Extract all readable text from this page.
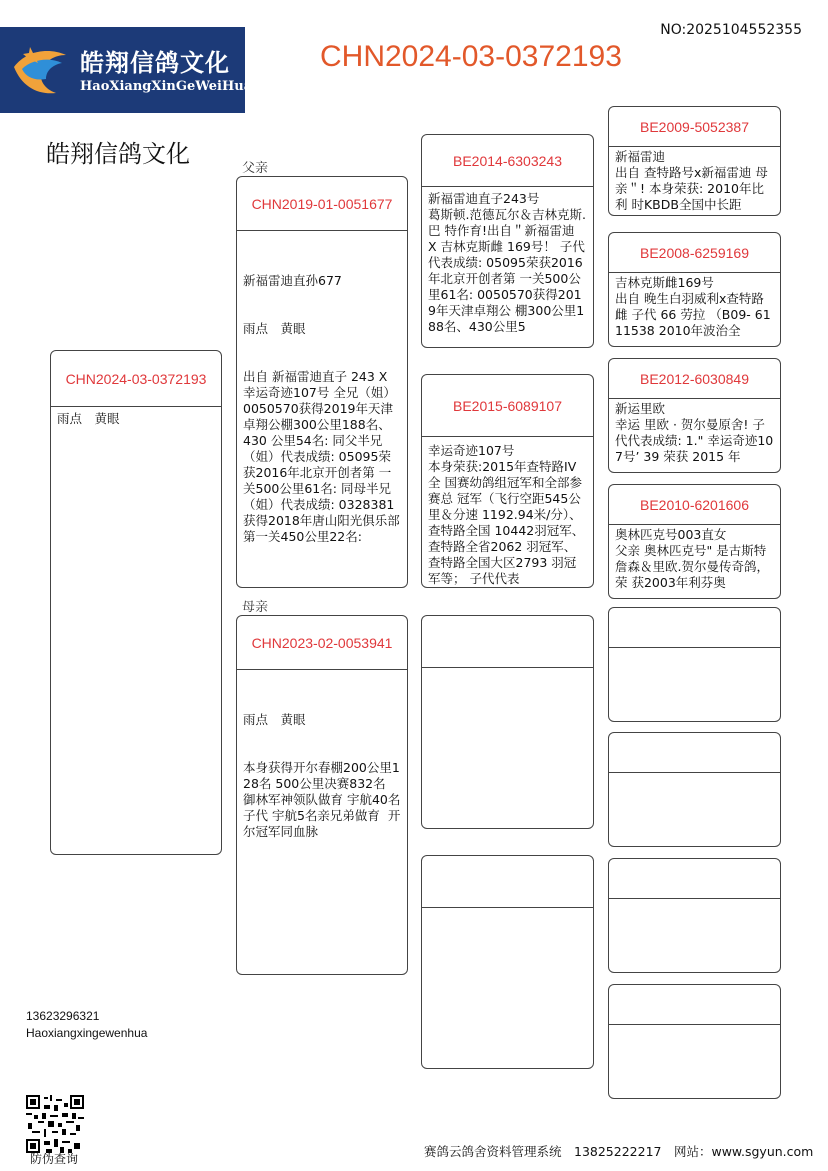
皓翔信鸽文化
HaoXiangXinGeWeiHua
NO:2025104552355
CHN2024-03-0372193
皓翔信鸽文化
CHN2024-03-0372193
雨点　黄眼
父亲
CHN2019-01-0051677

新福雷迪直孙677

雨点　黄眼

出自 新福雷迪直子 243 X 幸运奇迹107号 全兄（姐）0050570获得2019年天津卓翔公棚300公里188名、 430 公里54名: 同父半兄（姐）代表成绩: 05095荣获2016年北京开创者第 一关500公里61名: 同母半兄（姐）代表成绩: 0328381获得2018年唐山阳光俱乐部第一关450公里22名:

母亲
CHN2023-02-0053941

雨点　黄眼

本身获得开尔春棚200公里128名 500公里决赛832名 御林军神领队做育 宇航40名子代 宇航5名亲兄弟做育  开尔冠军同血脉

BE2014-6303243
新福雷迪直子243号
葛斯顿.范德瓦尔＆吉林克斯.巴 特作育!出自＂新福雷迪 X 吉林克斯雌 169号！ 子代代表成绩: 05095荣获2016年北京开创者第 一关500公里61名: 0050570获得2019年天津卓翔公 棚300公里188名、430公里5
BE2015-6089107
幸运奇迹107号
本身荣获:2015年查特路IV全 国赛幼鸽组冠军和全部参赛总 冠军（飞行空距545公里＆分速 1192.94米/分）、查特路全国 10442羽冠军、查特路全省2062 羽冠军、查特路全国大区2793 羽冠军等； 子代代表
BE2009-5052387
新福雷迪
出自 查特路号x新福雷迪 母 亲＂! 本身荣获: 2010年比利 时KBDB全国中长距
BE2008-6259169
吉林克斯雌169号
出自 晚生白羽威利x查特路 雌 子代 66 劳拉 （B09- 6111538 2010年波治全
BE2012-6030849
新运里欧
幸运 里欧 · 贺尔曼原舍! 子代代表成绩: 1." 幸运奇迹107号’ 39 荣获 2015 年
BE2010-6201606
奥林匹克号003直女
父亲 奥林匹克号" 是古斯特 詹森＆里欧.贺尔曼传奇鸽， 荣 获2003年利芬奥
13623296321
Haoxiangxingewenhua
防伪查询	赛鸽云鸽舍资料管理系统　13825222217　网站：www.sgyun.com
